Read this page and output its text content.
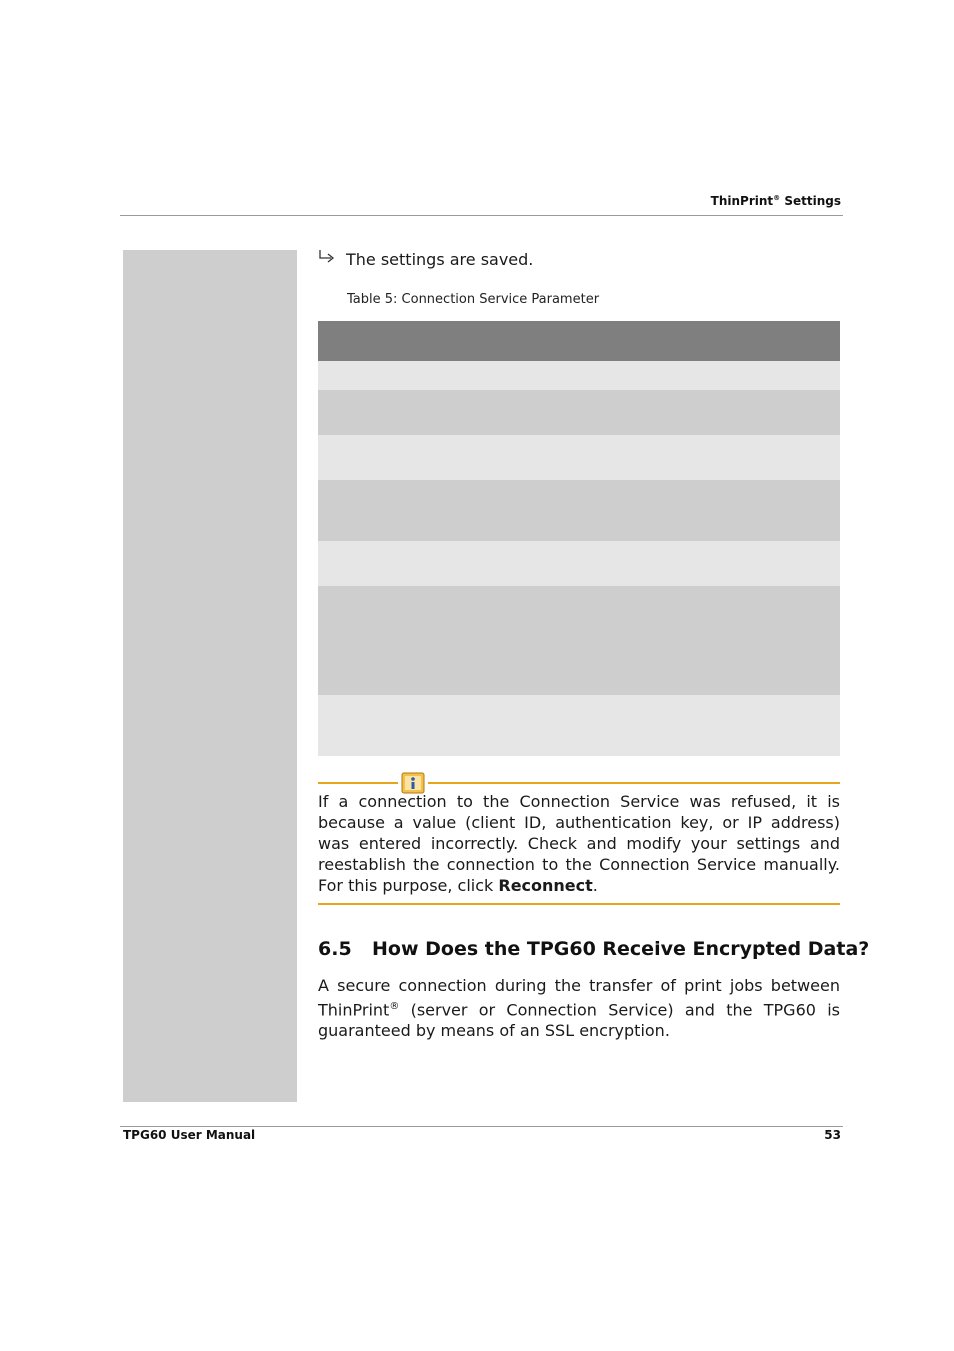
ThinPrint® Settings
The settings are saved.
Table 5: Connection Service Parameter
If a connection to the Connection Service was refused, it is because a value (client ID, authentication key, or IP address) was entered incorrectly. Check and modify your settings and reestablish the connection to the Connection Service manually. For this purpose, click Reconnect.
6.5 How Does the TPG60 Receive Encrypted Data?
A secure connection during the transfer of print jobs between ThinPrint® (server or Connection Service) and the TPG60 is guaranteed by means of an SSL encryption.
TPG60 User Manual	53
